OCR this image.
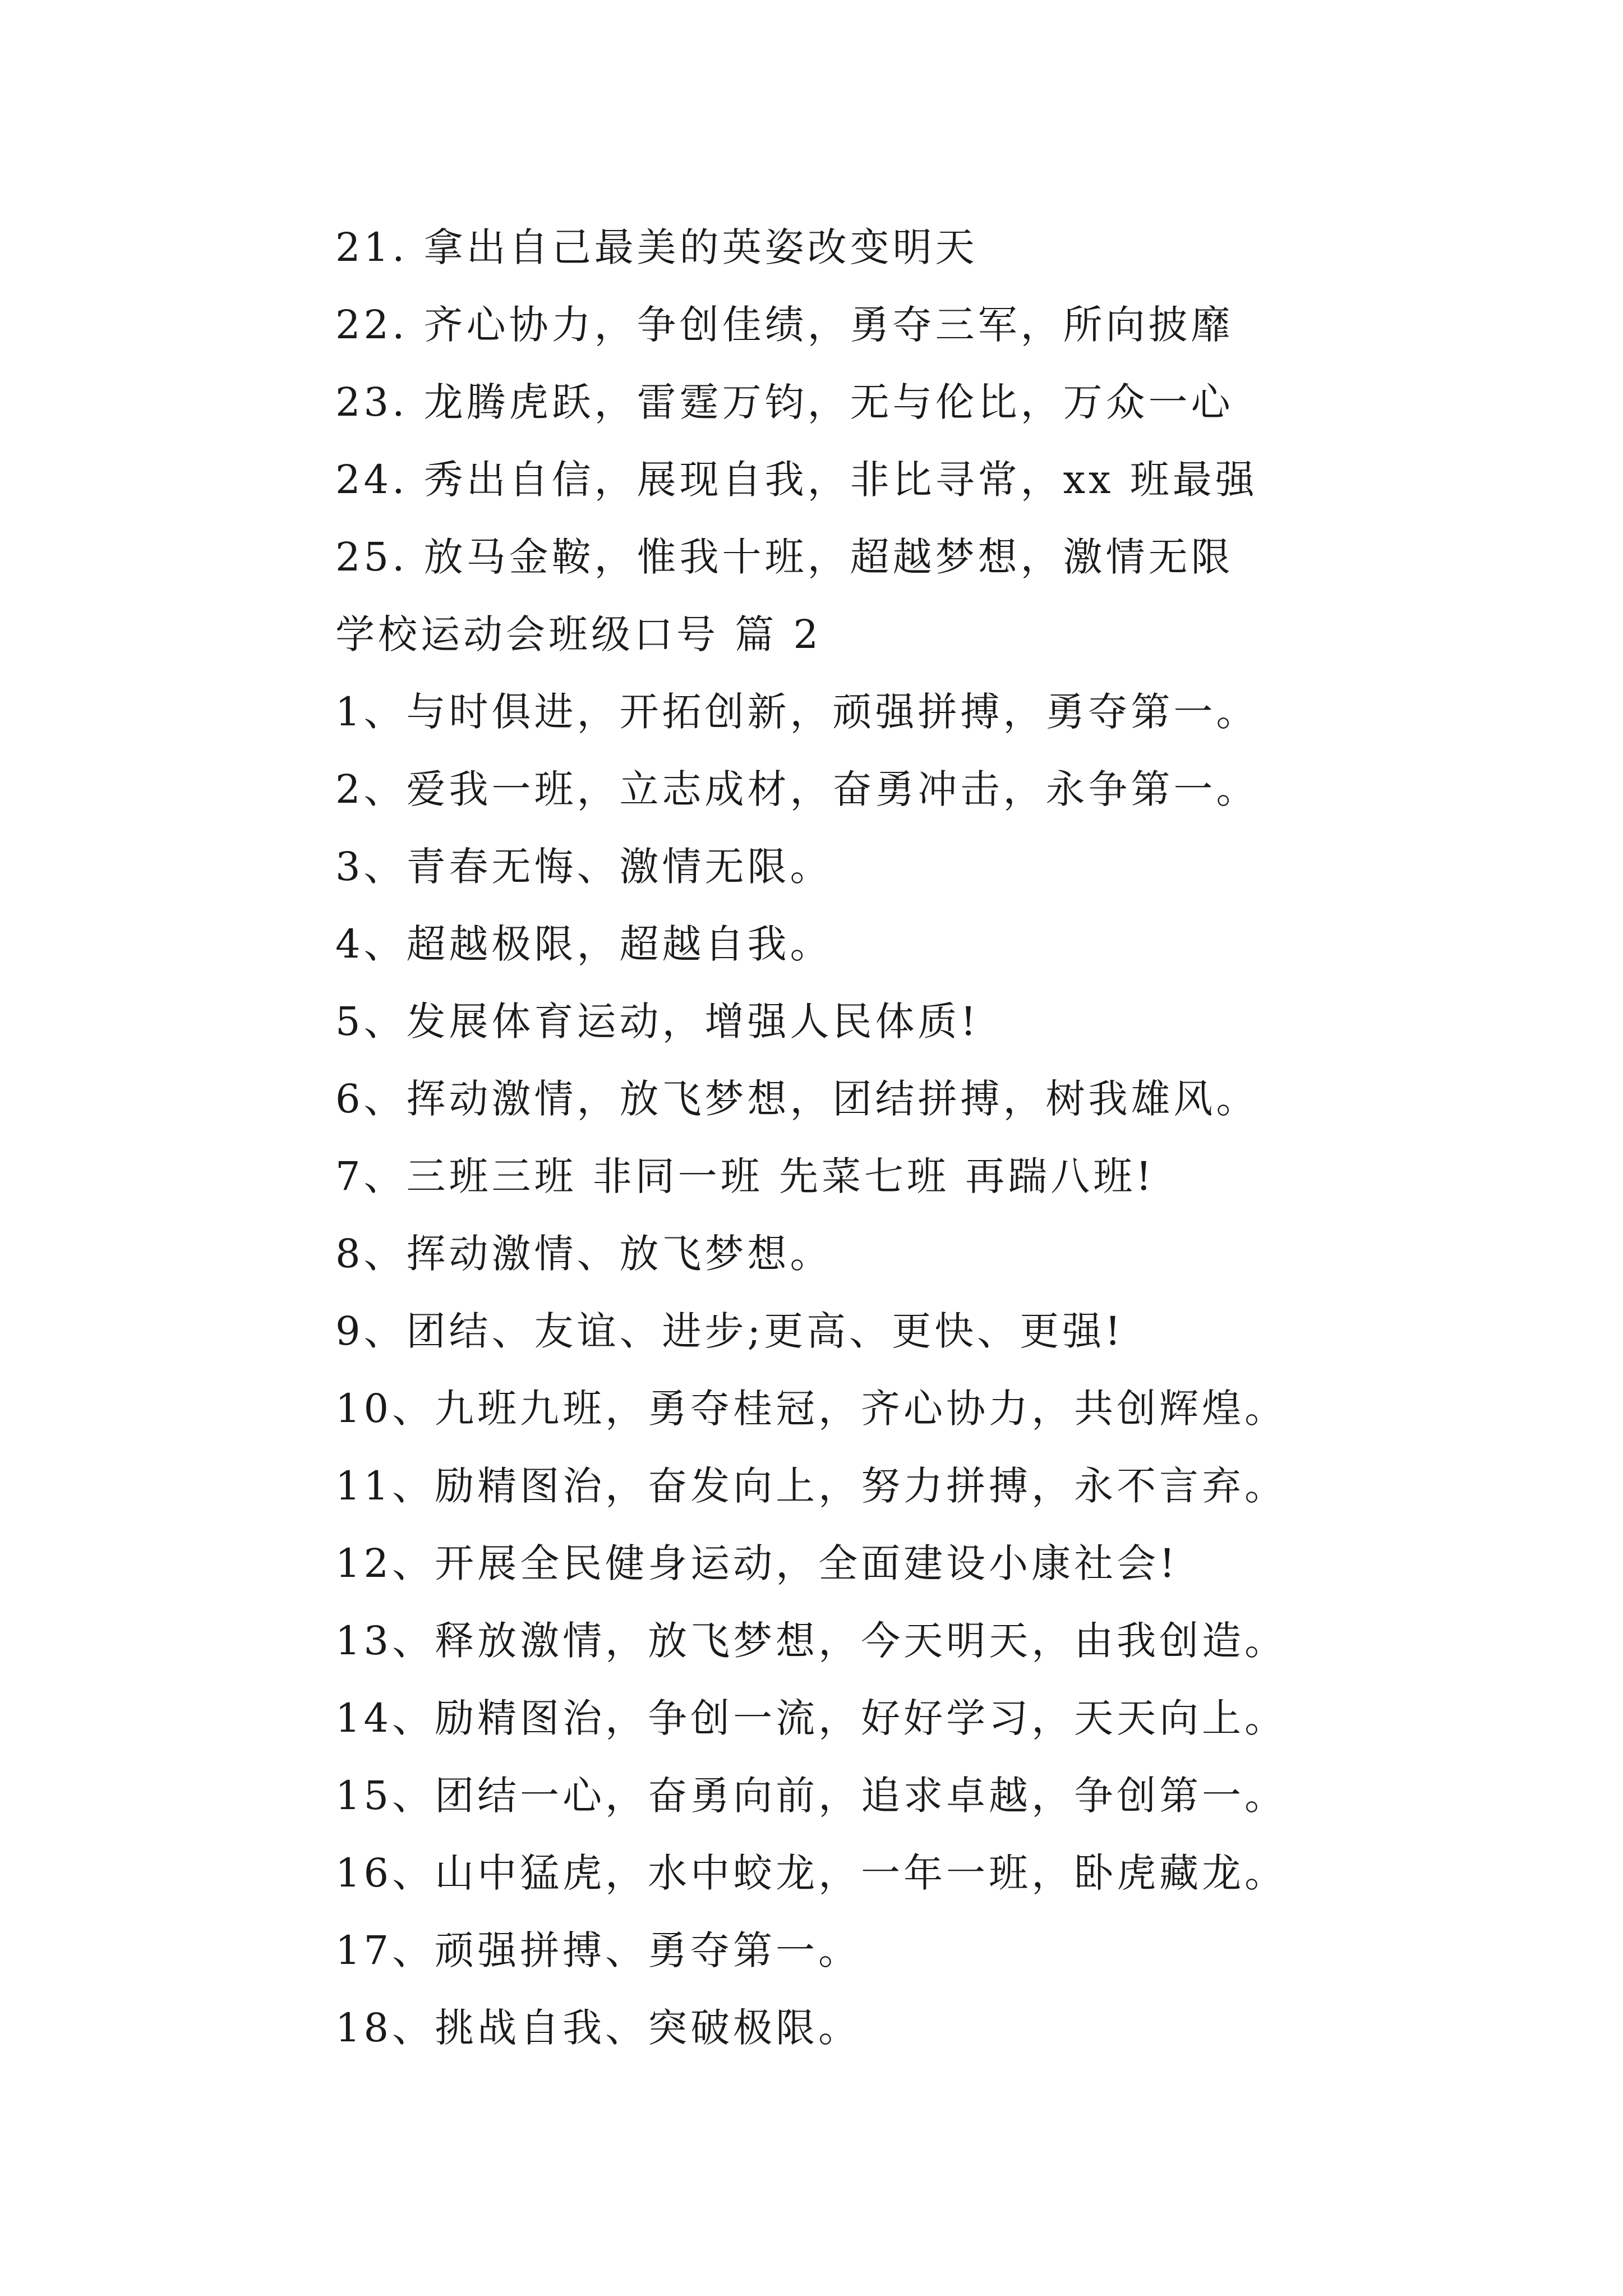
21. 拿出自己最美的英姿改变明天
22. 齐心协力，争创佳绩，勇夺三军，所向披靡
23. 龙腾虎跃，雷霆万钧，无与伦比，万众一心
24. 秀出自信，展现自我，非比寻常，xx 班最强
25. 放马金鞍，惟我十班，超越梦想，激情无限
学校运动会班级口号 篇 2
1、与时俱进，开拓创新，顽强拼搏，勇夺第一。
2、爱我一班，立志成材，奋勇冲击，永争第一。
3、青春无悔、激情无限。
4、超越极限，超越自我。
5、发展体育运动，增强人民体质!
6、挥动激情，放飞梦想，团结拼搏，树我雄风。
7、三班三班 非同一班 先菜七班 再踹八班!
8、挥动激情、放飞梦想。
9、团结、友谊、进步;更高、更快、更强!
10、九班九班，勇夺桂冠，齐心协力，共创辉煌。
11、励精图治，奋发向上，努力拼搏，永不言弃。
12、开展全民健身运动，全面建设小康社会!
13、释放激情，放飞梦想，今天明天，由我创造。
14、励精图治，争创一流，好好学习，天天向上。
15、团结一心，奋勇向前，追求卓越，争创第一。
16、山中猛虎，水中蛟龙，一年一班，卧虎藏龙。
17、顽强拼搏、勇夺第一。
18、挑战自我、突破极限。
